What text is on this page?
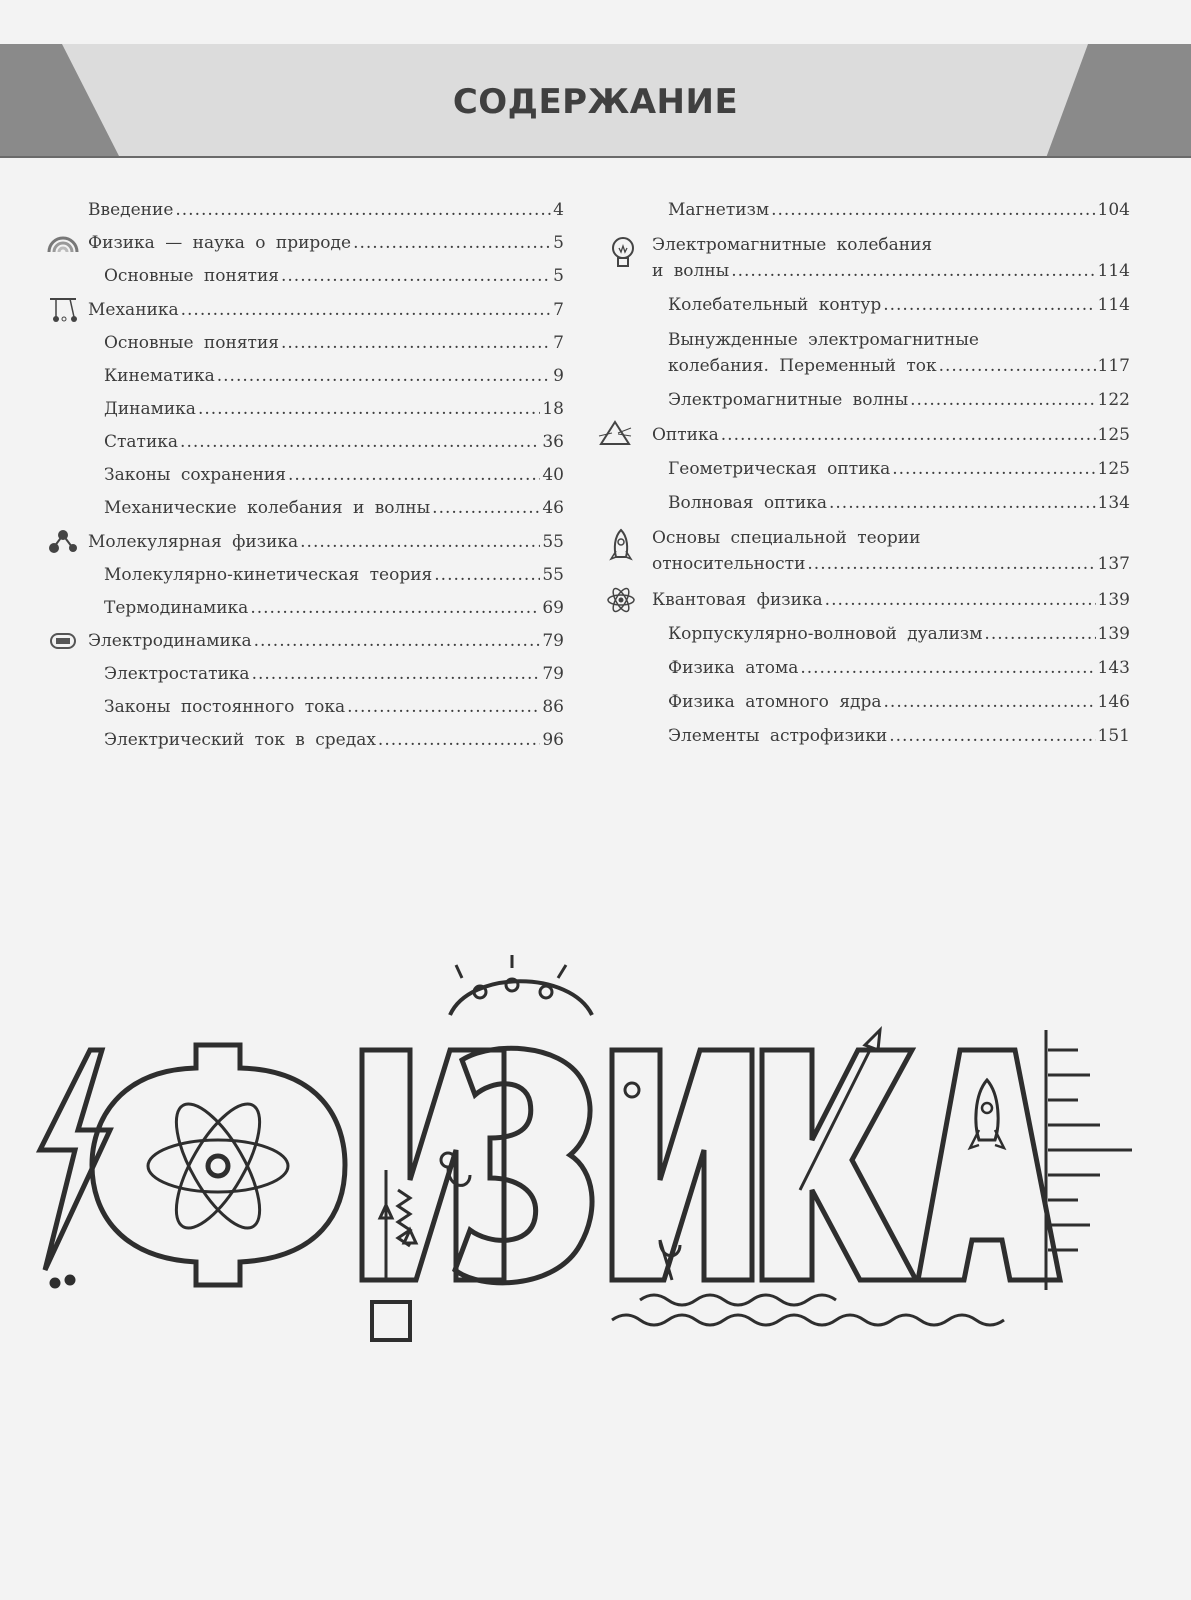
СОДЕРЖАНИЕ
Введение .....	4
Физика — наука о природе .....	5
Основные понятия .....	5
Механика .....	7
Основные понятия .....	7
Кинематика .....	9
Динамика .....	18
Статика .....	36
Законы сохранения .....	40
Механические колебания и волны .....	46
Молекулярная физика .....	55
Молекулярно-кинетическая теория .....	55
Термодинамика .....	69
Электродинамика .....	79
Электростатика .....	79
Законы постоянного тока .....	86
Электрический ток в средах .....	96
Магнетизм .....	104
Электромагнитные колебания
и волны .....	114
Колебательный контур .....	114
Вынужденные электромагнитные
колебания. Переменный ток .....	117
Электромагнитные волны .....	122
Оптика .....	125
Геометрическая оптика .....	125
Волновая оптика .....	134
Основы специальной теории
относительности .....	137
Квантовая физика .....	139
Корпускулярно-волновой дуализм .....	139
Физика атома .....	143
Физика атомного ядра .....	146
Элементы астрофизики .....	151
